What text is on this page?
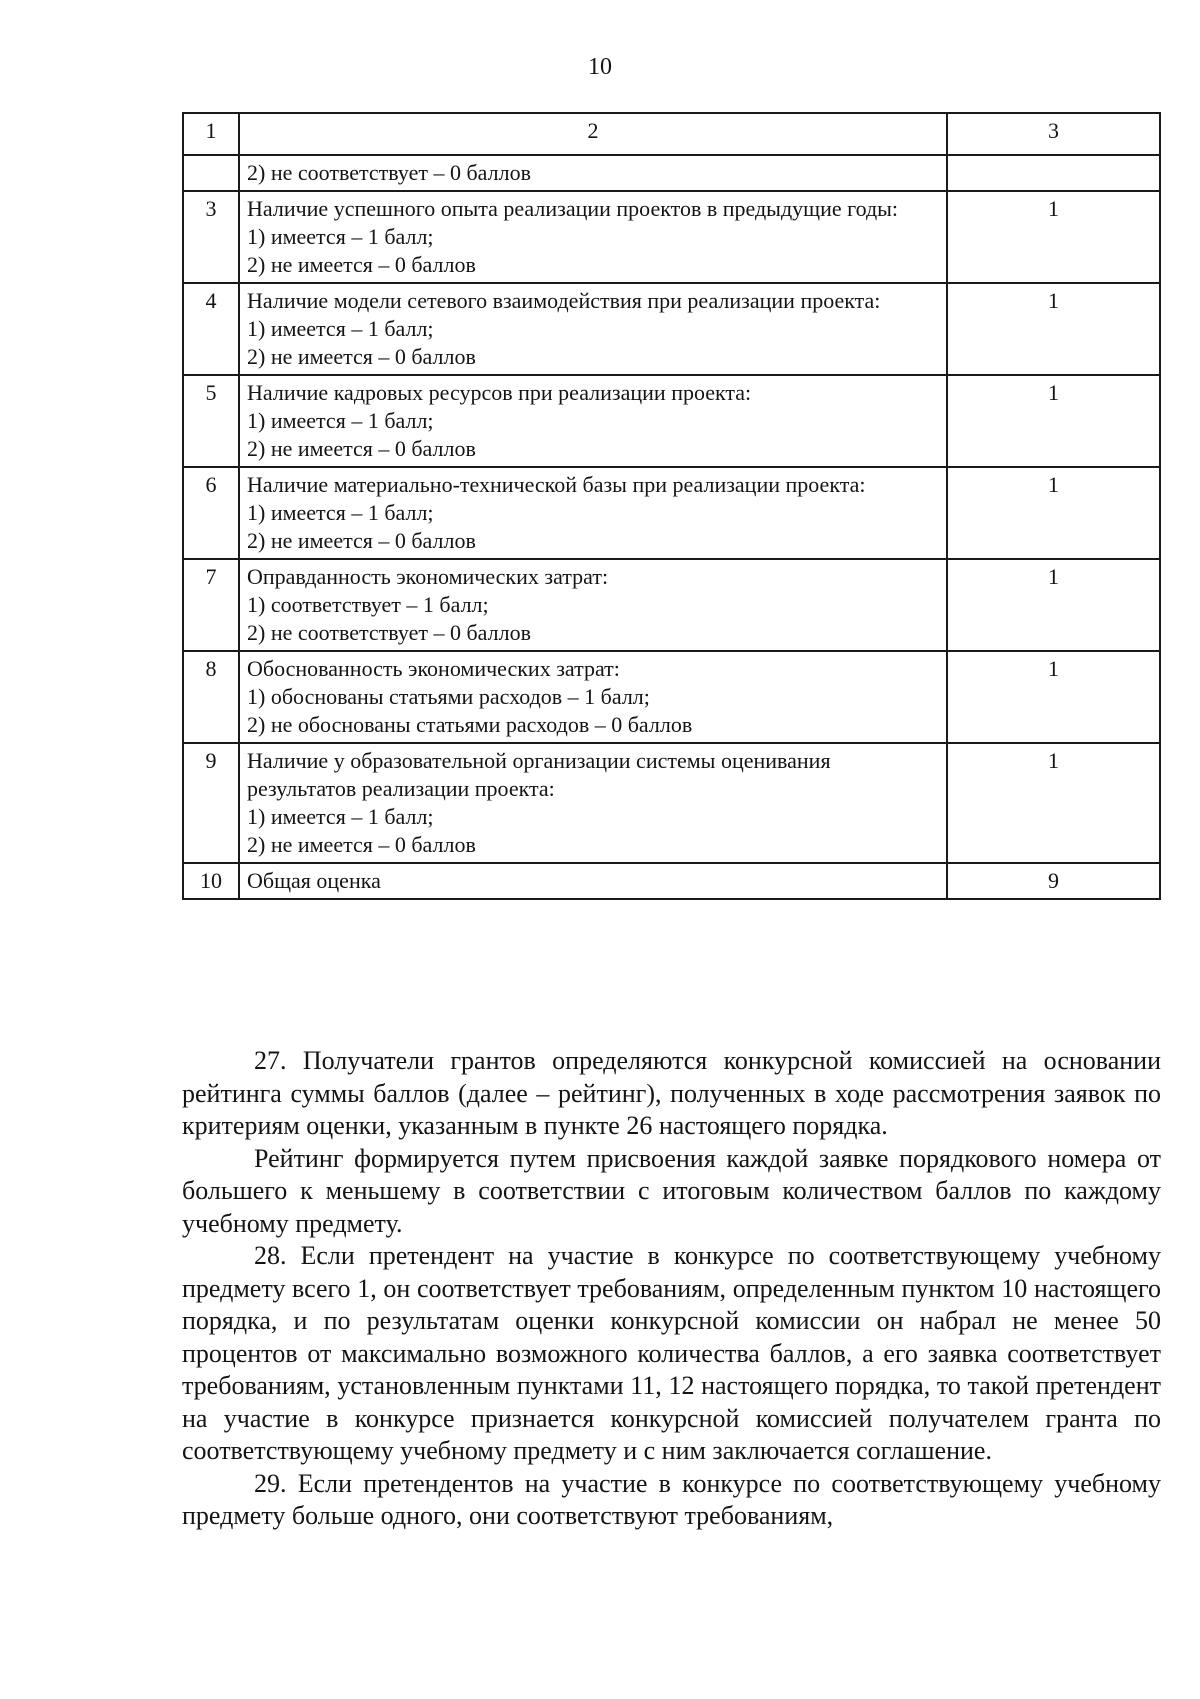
10
1	2	3

	2) не соответствует – 0 баллов	

3	Наличие успешного опыта реализации проектов в предыдущие годы:
1) имеется – 1 балл;
2) не имеется – 0 баллов	1
4	Наличие модели сетевого взаимодействия при реализации проекта:
1) имеется – 1 балл;
2) не имеется – 0 баллов	1
5	Наличие кадровых ресурсов при реализации проекта:
1) имеется – 1 балл;
2) не имеется – 0 баллов	1
6	Наличие материально-технической базы при реализации проекта:
1) имеется – 1 балл;
2) не имеется – 0 баллов	1
7	Оправданность экономических затрат:
1) соответствует – 1 балл;
2) не соответствует – 0 баллов	1
8	Обоснованность экономических затрат:
1) обоснованы статьями расходов – 1 балл;
2) не обоснованы статьями расходов – 0 баллов	1
9	Наличие у образовательной организации системы оценивания результатов реализации проекта:
1) имеется – 1 балл;
2) не имеется – 0 баллов	1
10	Общая оценка	9

27. Получатели грантов определяются конкурсной комиссией на основании рейтинга суммы баллов (далее – рейтинг), полученных в ходе рассмотрения заявок по критериям оценки, указанным в пункте 26 настоящего порядка.

Рейтинг формируется путем присвоения каждой заявке порядкового номера от большего к меньшему в соответствии с итоговым количеством баллов по каждому учебному предмету.

28. Если претендент на участие в конкурсе по соответствующему учебному предмету всего 1, он соответствует требованиям, определенным пунктом 10 настоящего порядка, и по результатам оценки конкурсной комиссии он набрал не менее 50 процентов от максимально возможного количества баллов, а его заявка соответствует требованиям, установленным пунктами 11, 12 настоящего порядка, то такой претендент на участие в конкурсе признается конкурсной комиссией получателем гранта по соответствующему учебному предмету и с ним заключается соглашение.

29. Если претендентов на участие в конкурсе по соответствующему учебному предмету больше одного, они соответствуют требованиям,
